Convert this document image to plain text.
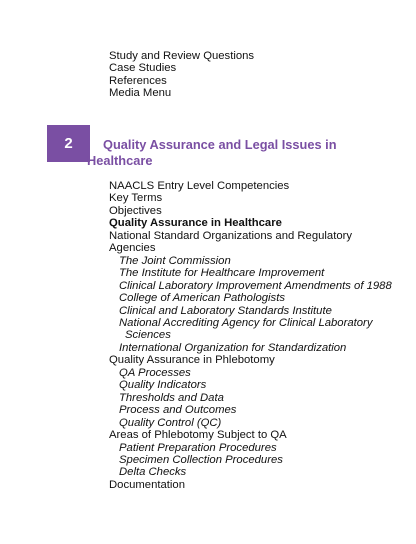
Study and Review Questions
Case Studies
References
Media Menu
2	Quality Assurance and Legal Issues in Healthcare
NAACLS Entry Level Competencies
Key Terms
Objectives
Quality Assurance in Healthcare
National Standard Organizations and Regulatory Agencies
The Joint Commission
The Institute for Healthcare Improvement
Clinical Laboratory Improvement Amendments of 1988
College of American Pathologists
Clinical and Laboratory Standards Institute
National Accrediting Agency for Clinical Laboratory
Sciences
International Organization for Standardization
Quality Assurance in Phlebotomy
QA Processes
Quality Indicators
Thresholds and Data
Process and Outcomes
Quality Control (QC)
Areas of Phlebotomy Subject to QA
Patient Preparation Procedures
Specimen Collection Procedures
Delta Checks
Documentation
